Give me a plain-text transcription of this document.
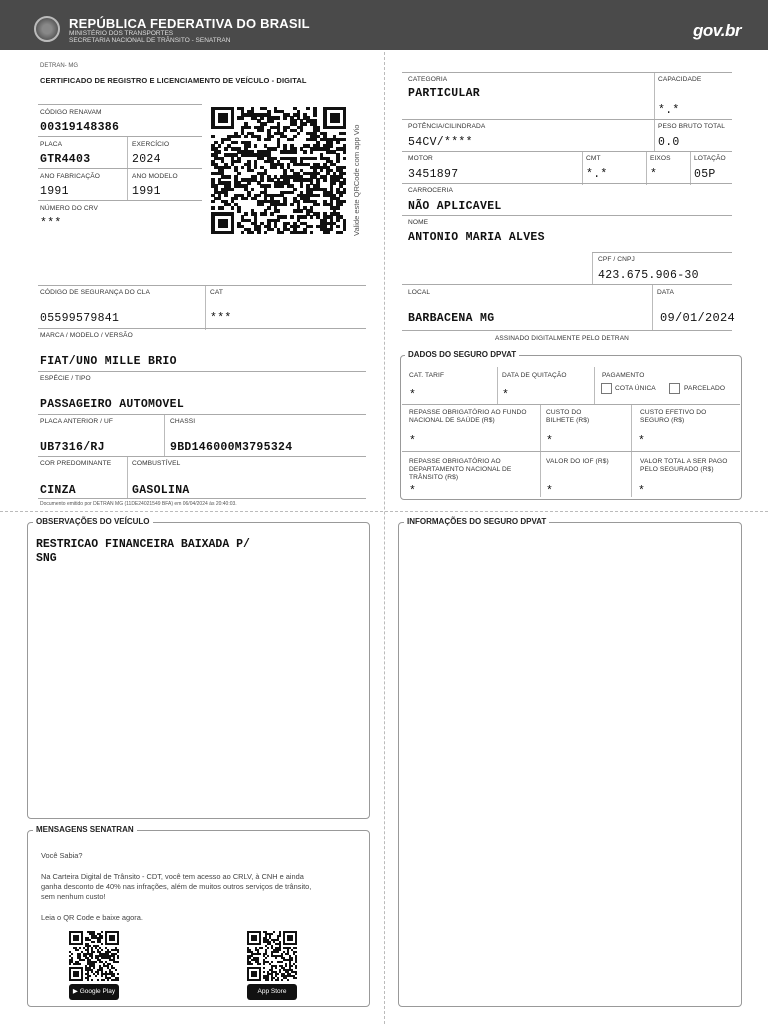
REPÚBLICA FEDERATIVA DO BRASIL
MINISTÉRIO DOS TRANSPORTES
SECRETARIA NACIONAL DE TRÂNSITO - SENATRAN
gov.br
DETRAN- MG
CERTIFICADO DE REGISTRO E LICENCIAMENTO DE VEÍCULO - DIGITAL
CÓDIGO RENAVAM
00319148386
PLACA
GTR4403
EXERCÍCIO
2024
ANO FABRICAÇÃO
1991
ANO MODELO
1991
NÚMERO DO CRV
***	Valide este QRCode com app Vio
CÓDIGO DE SEGURANÇA DO CLA
05599579841
CAT
***
MARCA / MODELO / VERSÃO
FIAT/UNO MILLE BRIO
ESPÉCIE / TIPO
PASSAGEIRO AUTOMOVEL
PLACA ANTERIOR / UF
UB7316/RJ
CHASSI
9BD146000M3795324
COR PREDOMINANTE
CINZA
COMBUSTÍVEL
GASOLINA
Documento emitido por DETRAN MG (11DE24021549 BFA) em 06/04/2024 às 20:40:03.
CATEGORIA
PARTICULAR
CAPACIDADE
*.*
POTÊNCIA/CILINDRADA
54CV/****
PESO BRUTO TOTAL
0.0
MOTOR
3451897
CMT
*.*
EIXOS
*
LOTAÇÃO
05P
CARROCERIA
NÃO APLICAVEL
NOME
ANTONIO MARIA ALVES
CPF / CNPJ
423.675.906-30
LOCAL
BARBACENA MG
DATA
09/01/2024
ASSINADO DIGITALMENTE PELO DETRAN
DADOS DO SEGURO DPVAT
CAT. TARIF
*
DATA DE QUITAÇÃO
*
PAGAMENTO
COTA ÚNICA	PARCELADO
REPASSE OBRIGATÓRIO AO FUNDO NACIONAL DE SAÚDE (R$)
*
CUSTO DO BILHETE (R$)
*
CUSTO EFETIVO DO SEGURO (R$)
*
REPASSE OBRIGATÓRIO AO DEPARTAMENTO NACIONAL DE TRÂNSITO (R$)
*
VALOR DO IOF (R$)
*
VALOR TOTAL A SER PAGO PELO SEGURADO (R$)
*
OBSERVAÇÕES DO VEÍCULO
RESTRICAO FINANCEIRA BAIXADA P/
SNG
INFORMAÇÕES DO SEGURO DPVAT
MENSAGENS SENATRAN
Você Sabia?
Na Carteira Digital de Trânsito - CDT, você tem acesso ao CRLV, à CNH e ainda ganha desconto de 40% nas infrações, além de muitos outros serviços de trânsito, sem nenhum custo!
Leia o QR Code e baixe agora.
▶ Google Play	App Store
